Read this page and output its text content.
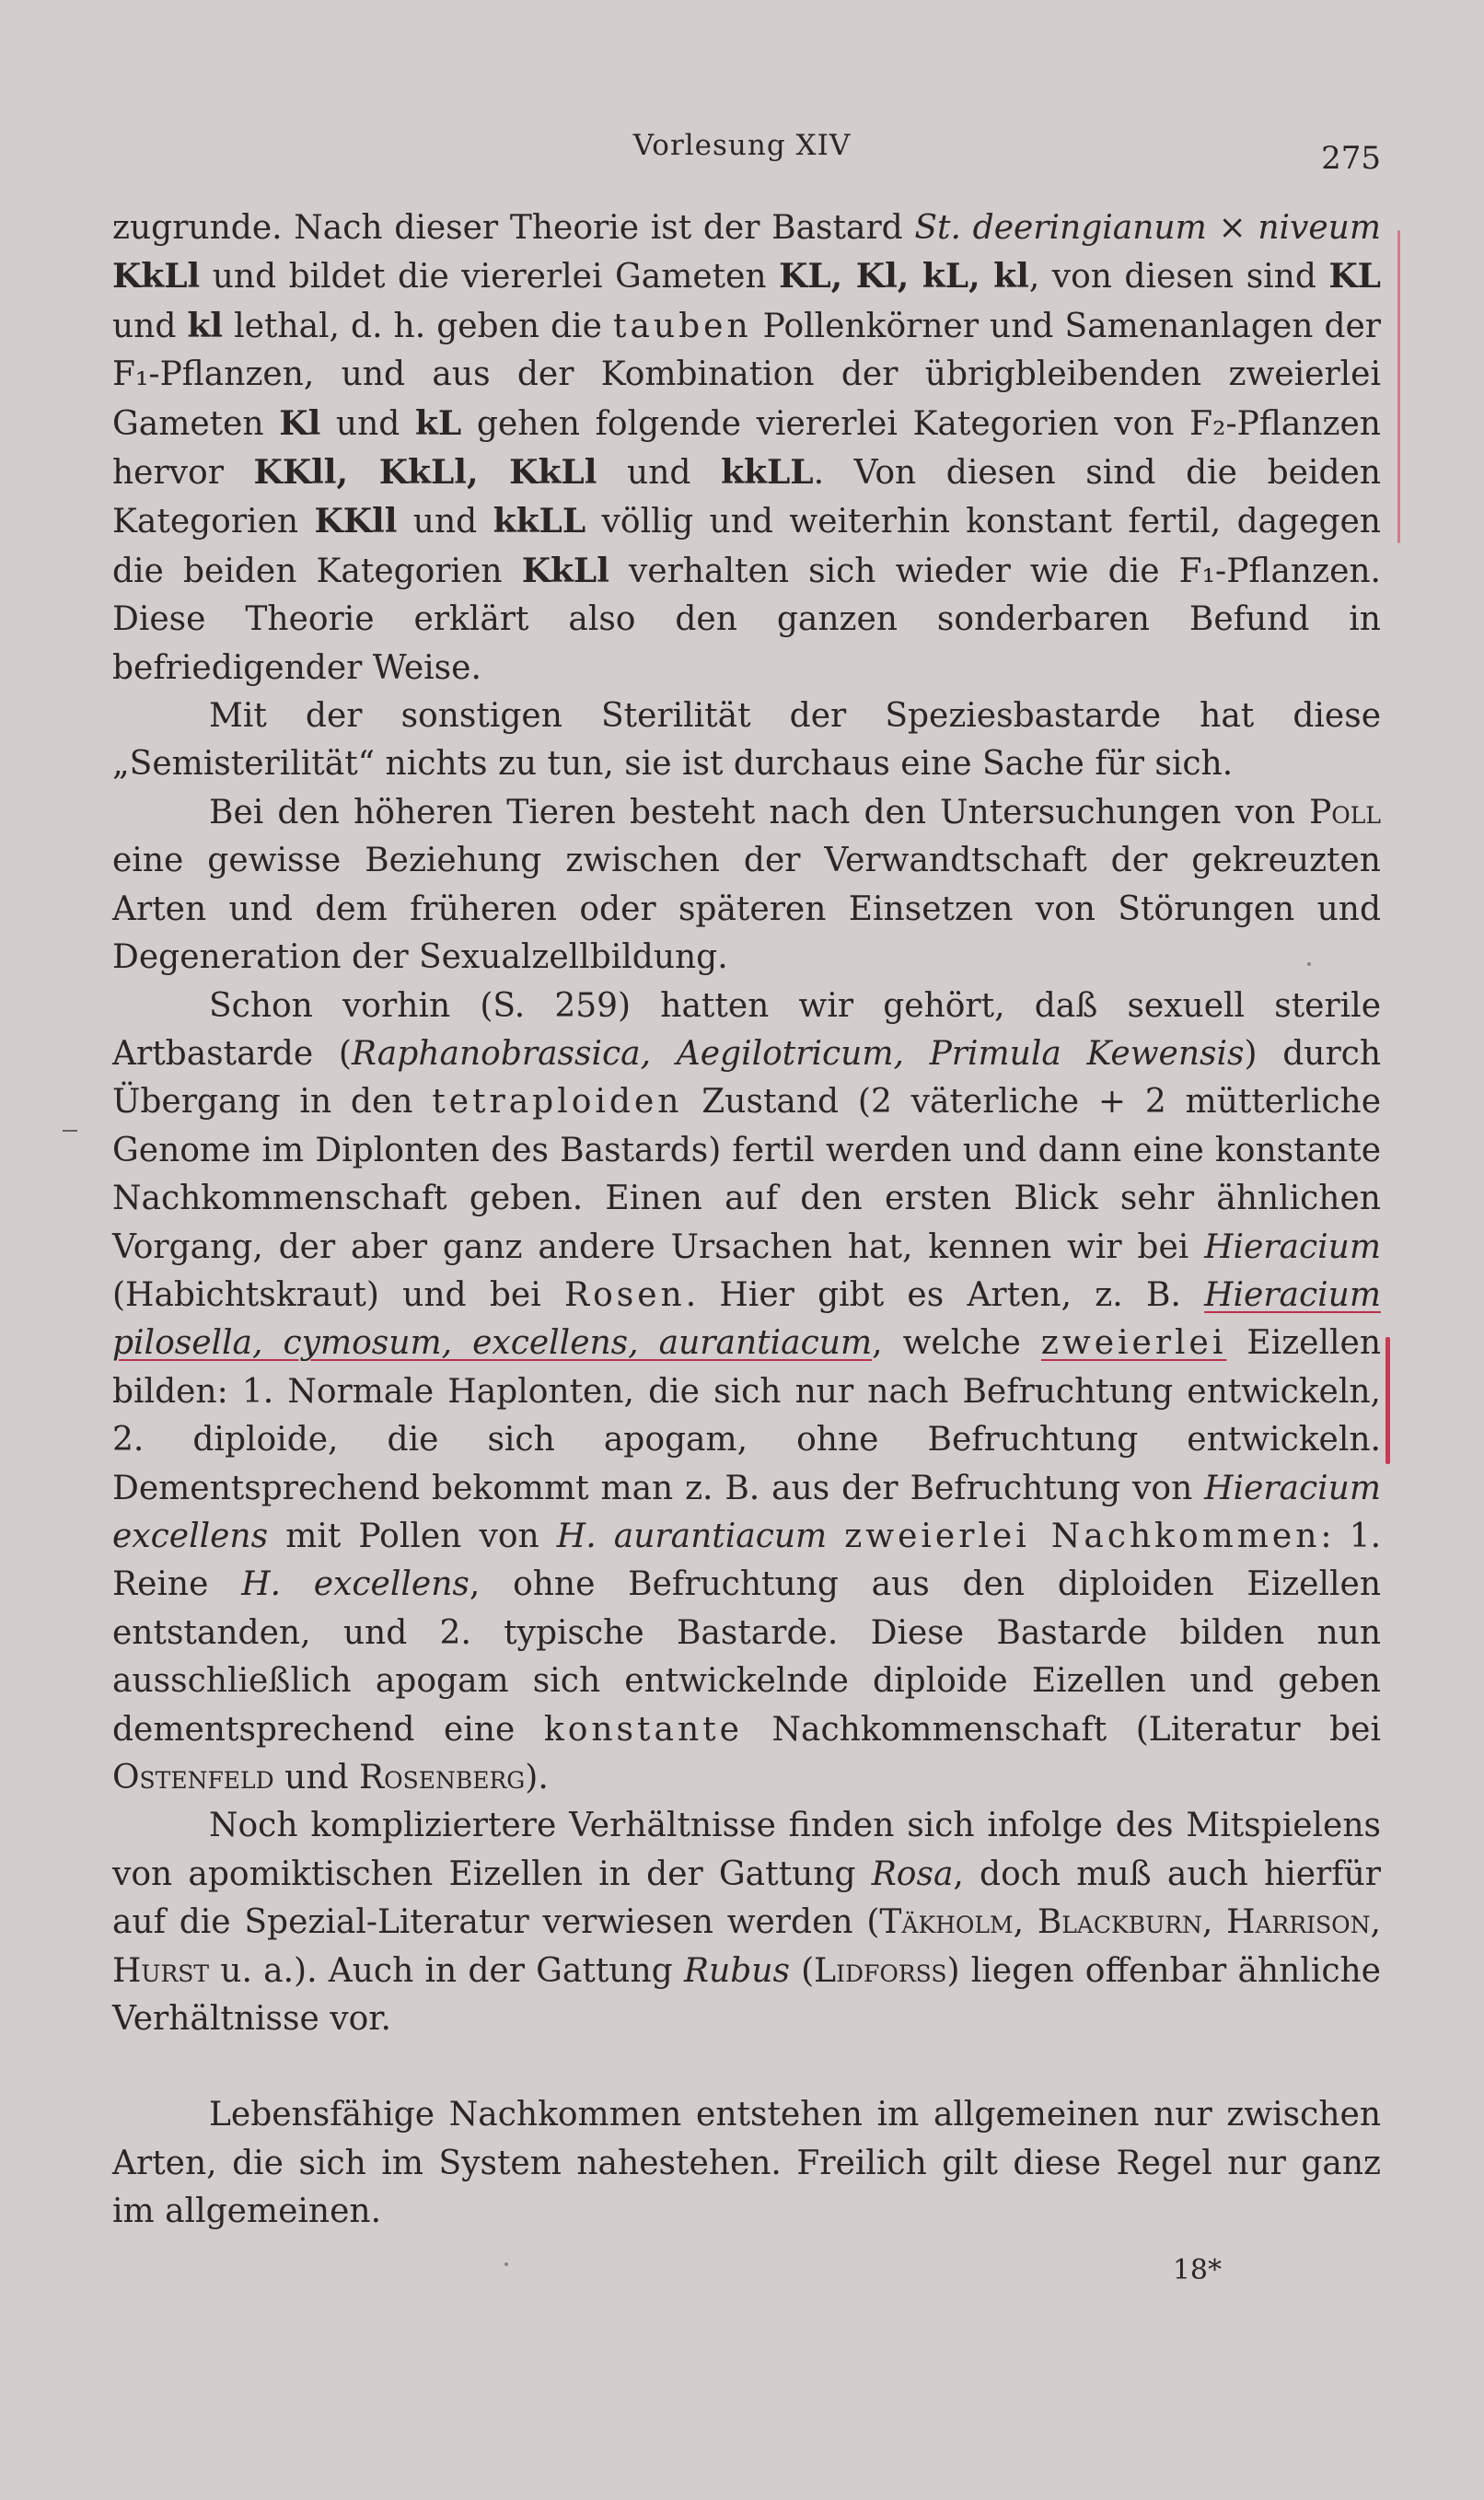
Vorlesung XIV	275

zugrunde. Nach dieser Theorie ist der Bastard St. deeringianum × niveum KkLl und bildet die viererlei Gameten KL, Kl, kL, kl, von diesen sind KL und kl lethal, d. h. geben die tauben Pollenkörner und Samenanlagen der F₁-Pflanzen, und aus der Kombination der übrigbleibenden zweierlei Gameten Kl und kL gehen folgende viererlei Kategorien von F₂-Pflanzen hervor KKll, KkLl, KkLl und kkLL. Von diesen sind die beiden Kategorien KKll und kkLL völlig und weiterhin konstant fertil, dagegen die beiden Kategorien KkLl verhalten sich wieder wie die F₁-Pflanzen. Diese Theorie erklärt also den ganzen sonderbaren Befund in befriedigender Weise.

Mit der sonstigen Sterilität der Speziesbastarde hat diese „Semisterilität“ nichts zu tun, sie ist durchaus eine Sache für sich.

Bei den höheren Tieren besteht nach den Untersuchungen von Poll eine gewisse Beziehung zwischen der Verwandtschaft der gekreuzten Arten und dem früheren oder späteren Einsetzen von Störungen und Degeneration der Sexualzellbildung.

Schon vorhin (S. 259) hatten wir gehört, daß sexuell sterile Artbastarde (Raphanobrassica, Aegilotricum, Primula Kewensis) durch Übergang in den tetraploiden Zustand (2 väterliche + 2 mütterliche Genome im Diplonten des Bastards) fertil werden und dann eine konstante Nachkommenschaft geben. Einen auf den ersten Blick sehr ähnlichen Vorgang, der aber ganz andere Ursachen hat, kennen wir bei Hieracium (Habichtskraut) und bei Rosen. Hier gibt es Arten, z. B. Hieracium pilosella, cymosum, excellens, aurantiacum, welche zweierlei Eizellen bilden: 1. Normale Haplonten, die sich nur nach Befruchtung entwickeln, 2. diploide, die sich apogam, ohne Befruchtung entwickeln. Dementsprechend bekommt man z. B. aus der Befruchtung von Hieracium excellens mit Pollen von H. aurantiacum zweierlei Nachkommen: 1. Reine H. excellens, ohne Befruchtung aus den diploiden Eizellen entstanden, und 2. typische Bastarde. Diese Bastarde bilden nun ausschließlich apogam sich entwickelnde diploide Eizellen und geben dementsprechend eine konstante Nachkommenschaft (Literatur bei Ostenfeld und Rosenberg).

Noch kompliziertere Verhältnisse finden sich infolge des Mitspielens von apomiktischen Eizellen in der Gattung Rosa, doch muß auch hierfür auf die Spezial-Literatur verwiesen werden (Täkholm, Blackburn, Harrison, Hurst u. a.). Auch in der Gattung Rubus (Lidforss) liegen offenbar ähnliche Verhältnisse vor.

Lebensfähige Nachkommen entstehen im allgemeinen nur zwischen Arten, die sich im System nahestehen. Freilich gilt diese Regel nur ganz im allgemeinen.

18*
